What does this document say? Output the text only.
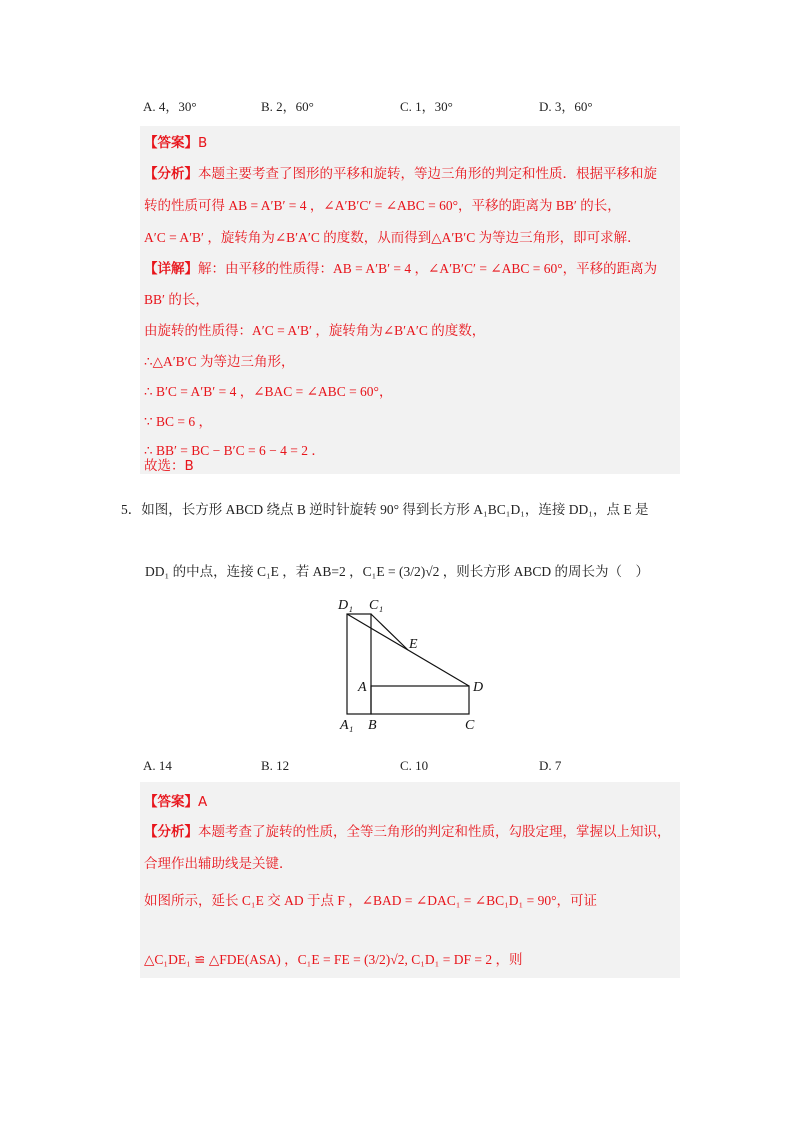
A. 4，30°	B. 2，60°	C. 1，30°	D. 3，60°
【答案】B
【分析】本题主要考查了图形的平移和旋转，等边三角形的判定和性质．根据平移和旋
转的性质可得 AB = A′B′ = 4 ，∠A′B′C′ = ∠ABC = 60°，平移的距离为 BB′ 的长，
A′C = A′B′ ，旋转角为∠B′A′C 的度数，从而得到△A′B′C 为等边三角形，即可求解．
【详解】解：由平移的性质得：AB = A′B′ = 4 ，∠A′B′C′ = ∠ABC = 60°，平移的距离为
BB′ 的长，
由旋转的性质得：A′C = A′B′ ，旋转角为∠B′A′C 的度数，
∴△A′B′C 为等边三角形，
∴ B′C = A′B′ = 4 ，∠BAC = ∠ABC = 60°，
∵ BC = 6 ，
∴ BB′ = BC − B′C = 6 − 4 = 2 ．
故选：B
5．如图，长方形 ABCD 绕点 B 逆时针旋转 90° 得到长方形 A₁BC₁D₁，连接 DD₁，点 E 是
DD₁ 的中点，连接 C₁E ，若 AB=2 ，C₁E = (3/2)√2 ，则长方形 ABCD 的周长为（　）
D₁ C₁
E
A	D
A₁ B	C
A. 14	B. 12	C. 10	D. 7
【答案】A
【分析】本题考查了旋转的性质，全等三角形的判定和性质，勾股定理，掌握以上知识，
合理作出辅助线是关键．
如图所示，延长 C₁E 交 AD 于点 F ，∠BAD = ∠DAC₁ = ∠BC₁D₁ = 90°，可证
△C₁DE₁ ≌ △FDE(ASA) ，C₁E = FE = (3/2)√2, C₁D₁ = DF = 2 ，则
